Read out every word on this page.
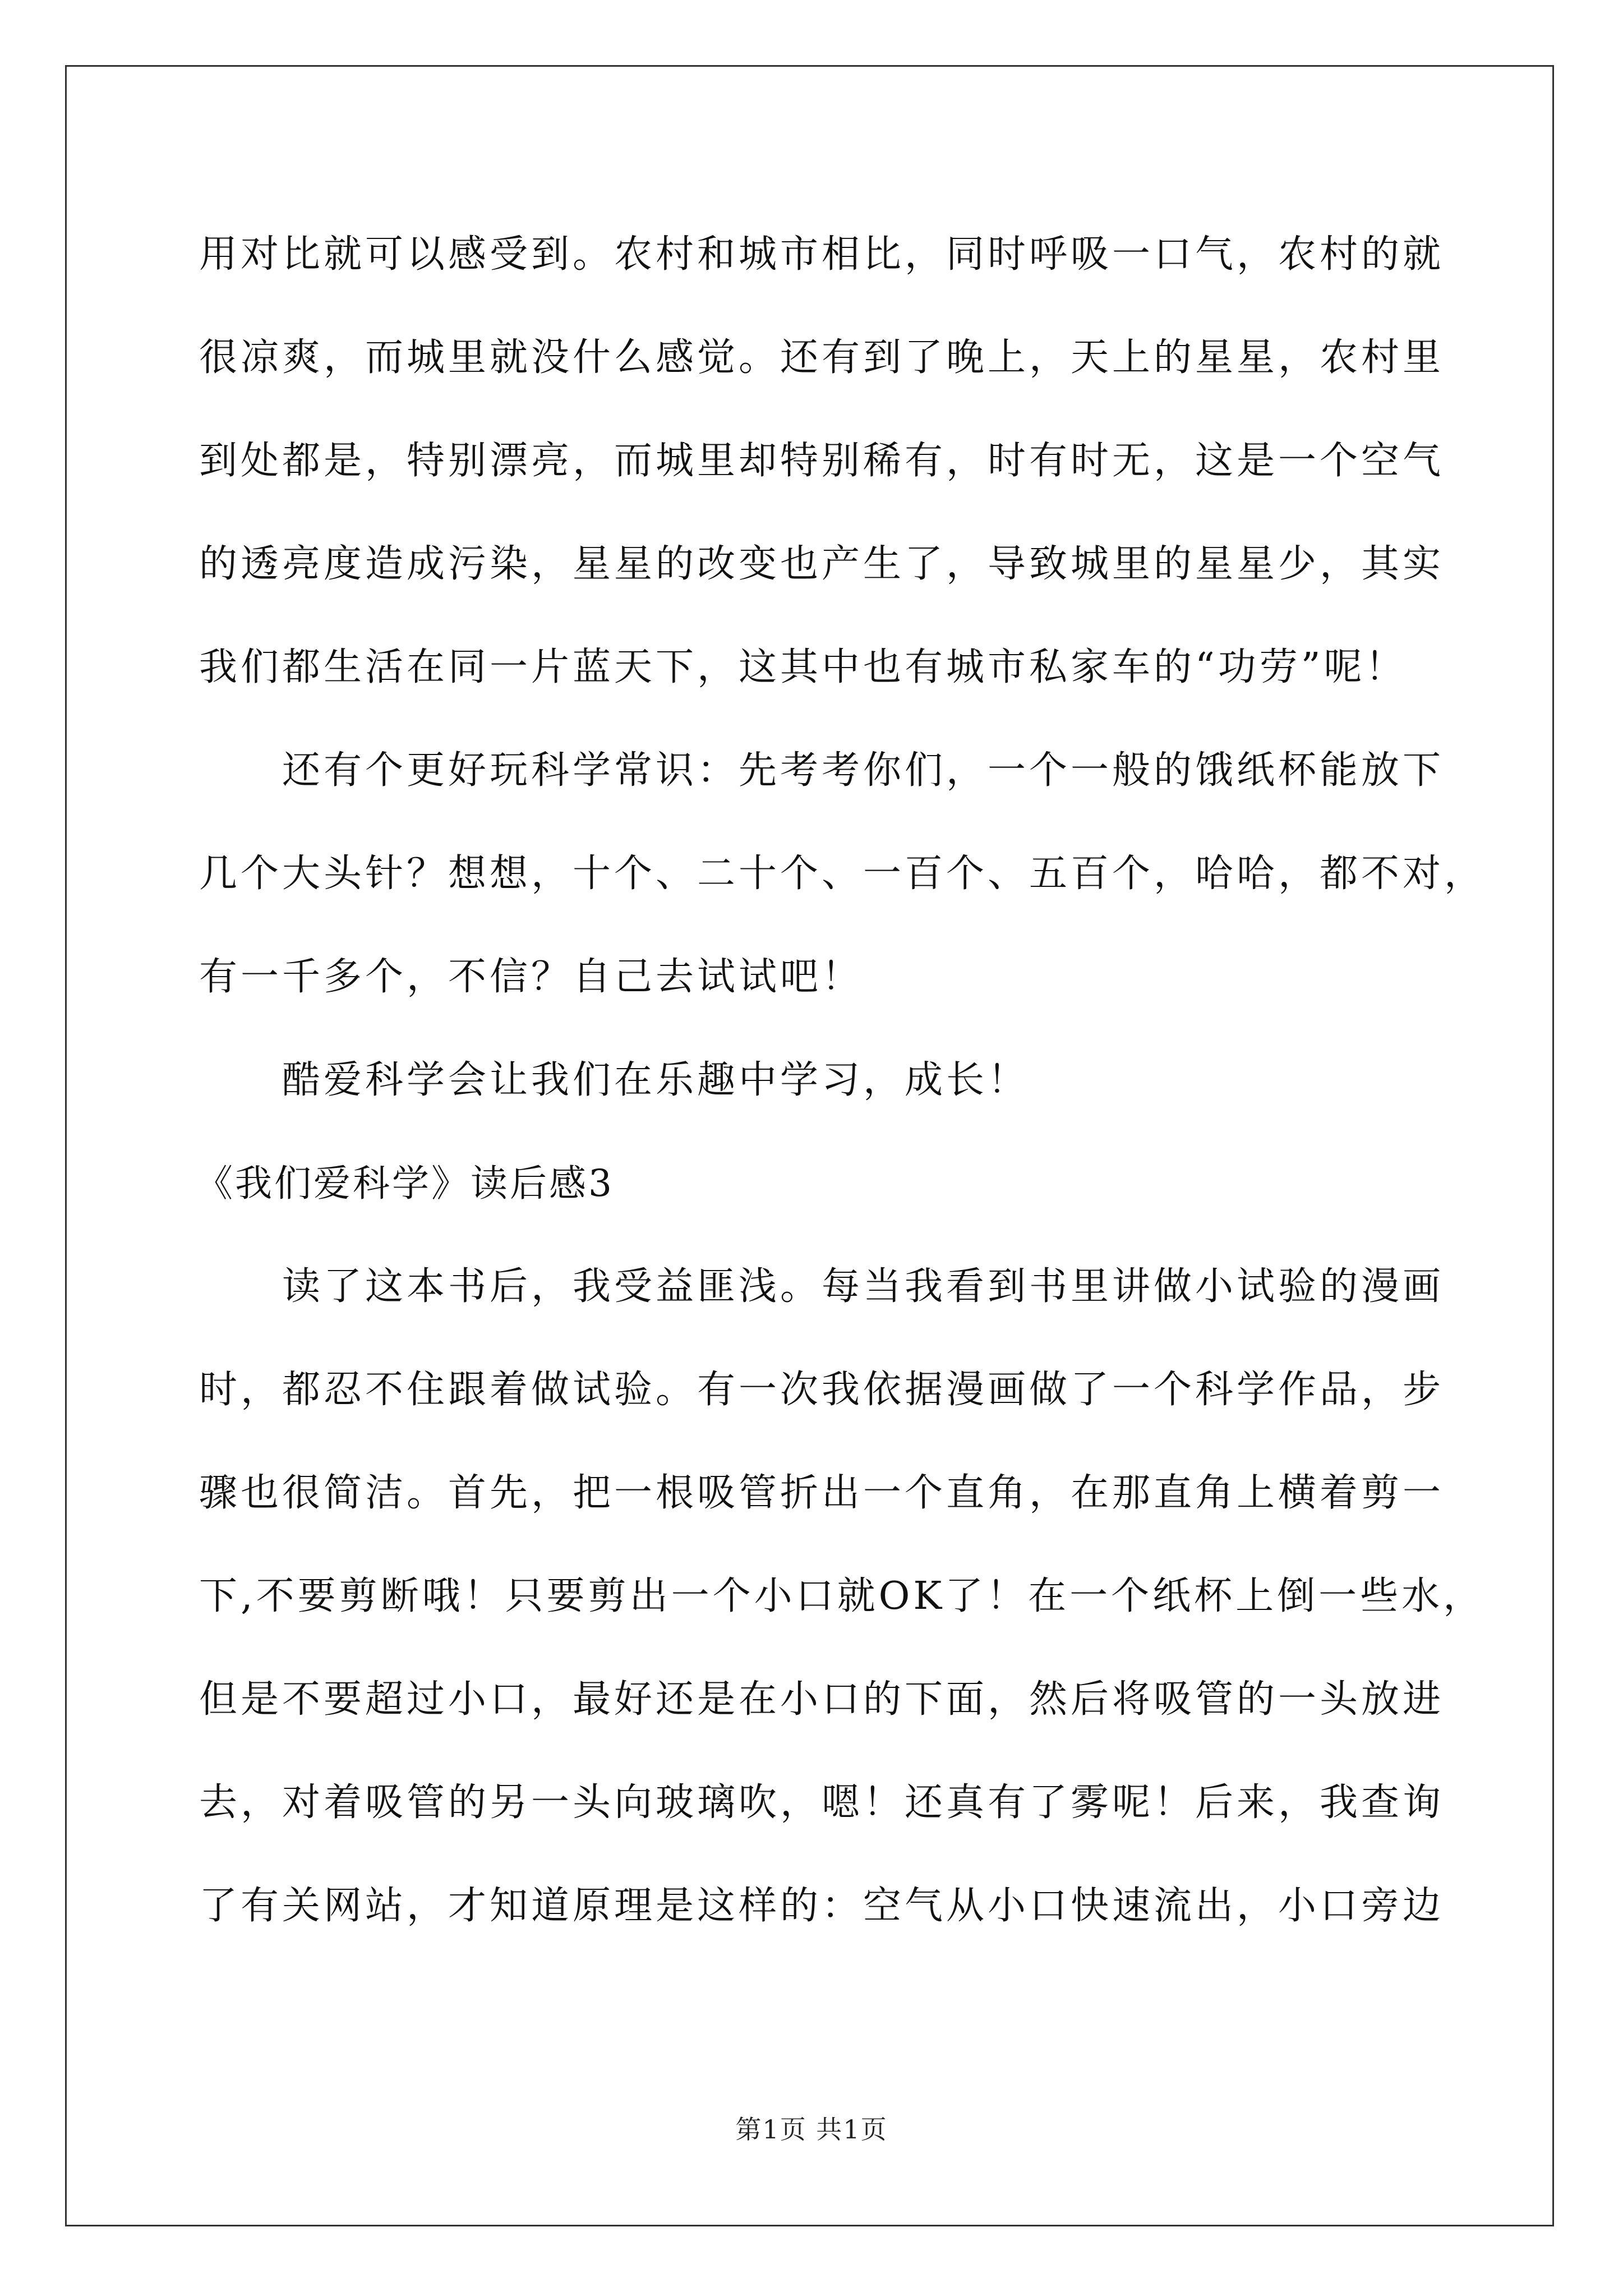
用对比就可以感受到。农村和城市相比，同时呼吸一口气，农村的就
很凉爽，而城里就没什么感觉。还有到了晚上，天上的星星，农村里
到处都是，特别漂亮，而城里却特别稀有，时有时无，这是一个空气
的透亮度造成污染，星星的改变也产生了，导致城里的星星少，其实
我们都生活在同一片蓝天下，这其中也有城市私家车的“功劳”呢！
还有个更好玩科学常识：先考考你们，一个一般的饿纸杯能放下
几个大头针？想想，十个、二十个、一百个、五百个，哈哈，都不对，
有一千多个，不信？自己去试试吧！
酷爱科学会让我们在乐趣中学习，成长！
《我们爱科学》读后感3
读了这本书后，我受益匪浅。每当我看到书里讲做小试验的漫画
时，都忍不住跟着做试验。有一次我依据漫画做了一个科学作品，步
骤也很简洁。首先，把一根吸管折出一个直角，在那直角上横着剪一
下,不要剪断哦！只要剪出一个小口就OK了！在一个纸杯上倒一些水，
但是不要超过小口，最好还是在小口的下面，然后将吸管的一头放进
去，对着吸管的另一头向玻璃吹，嗯！还真有了雾呢！后来，我查询
了有关网站，才知道原理是这样的：空气从小口快速流出，小口旁边
第1页 共1页
